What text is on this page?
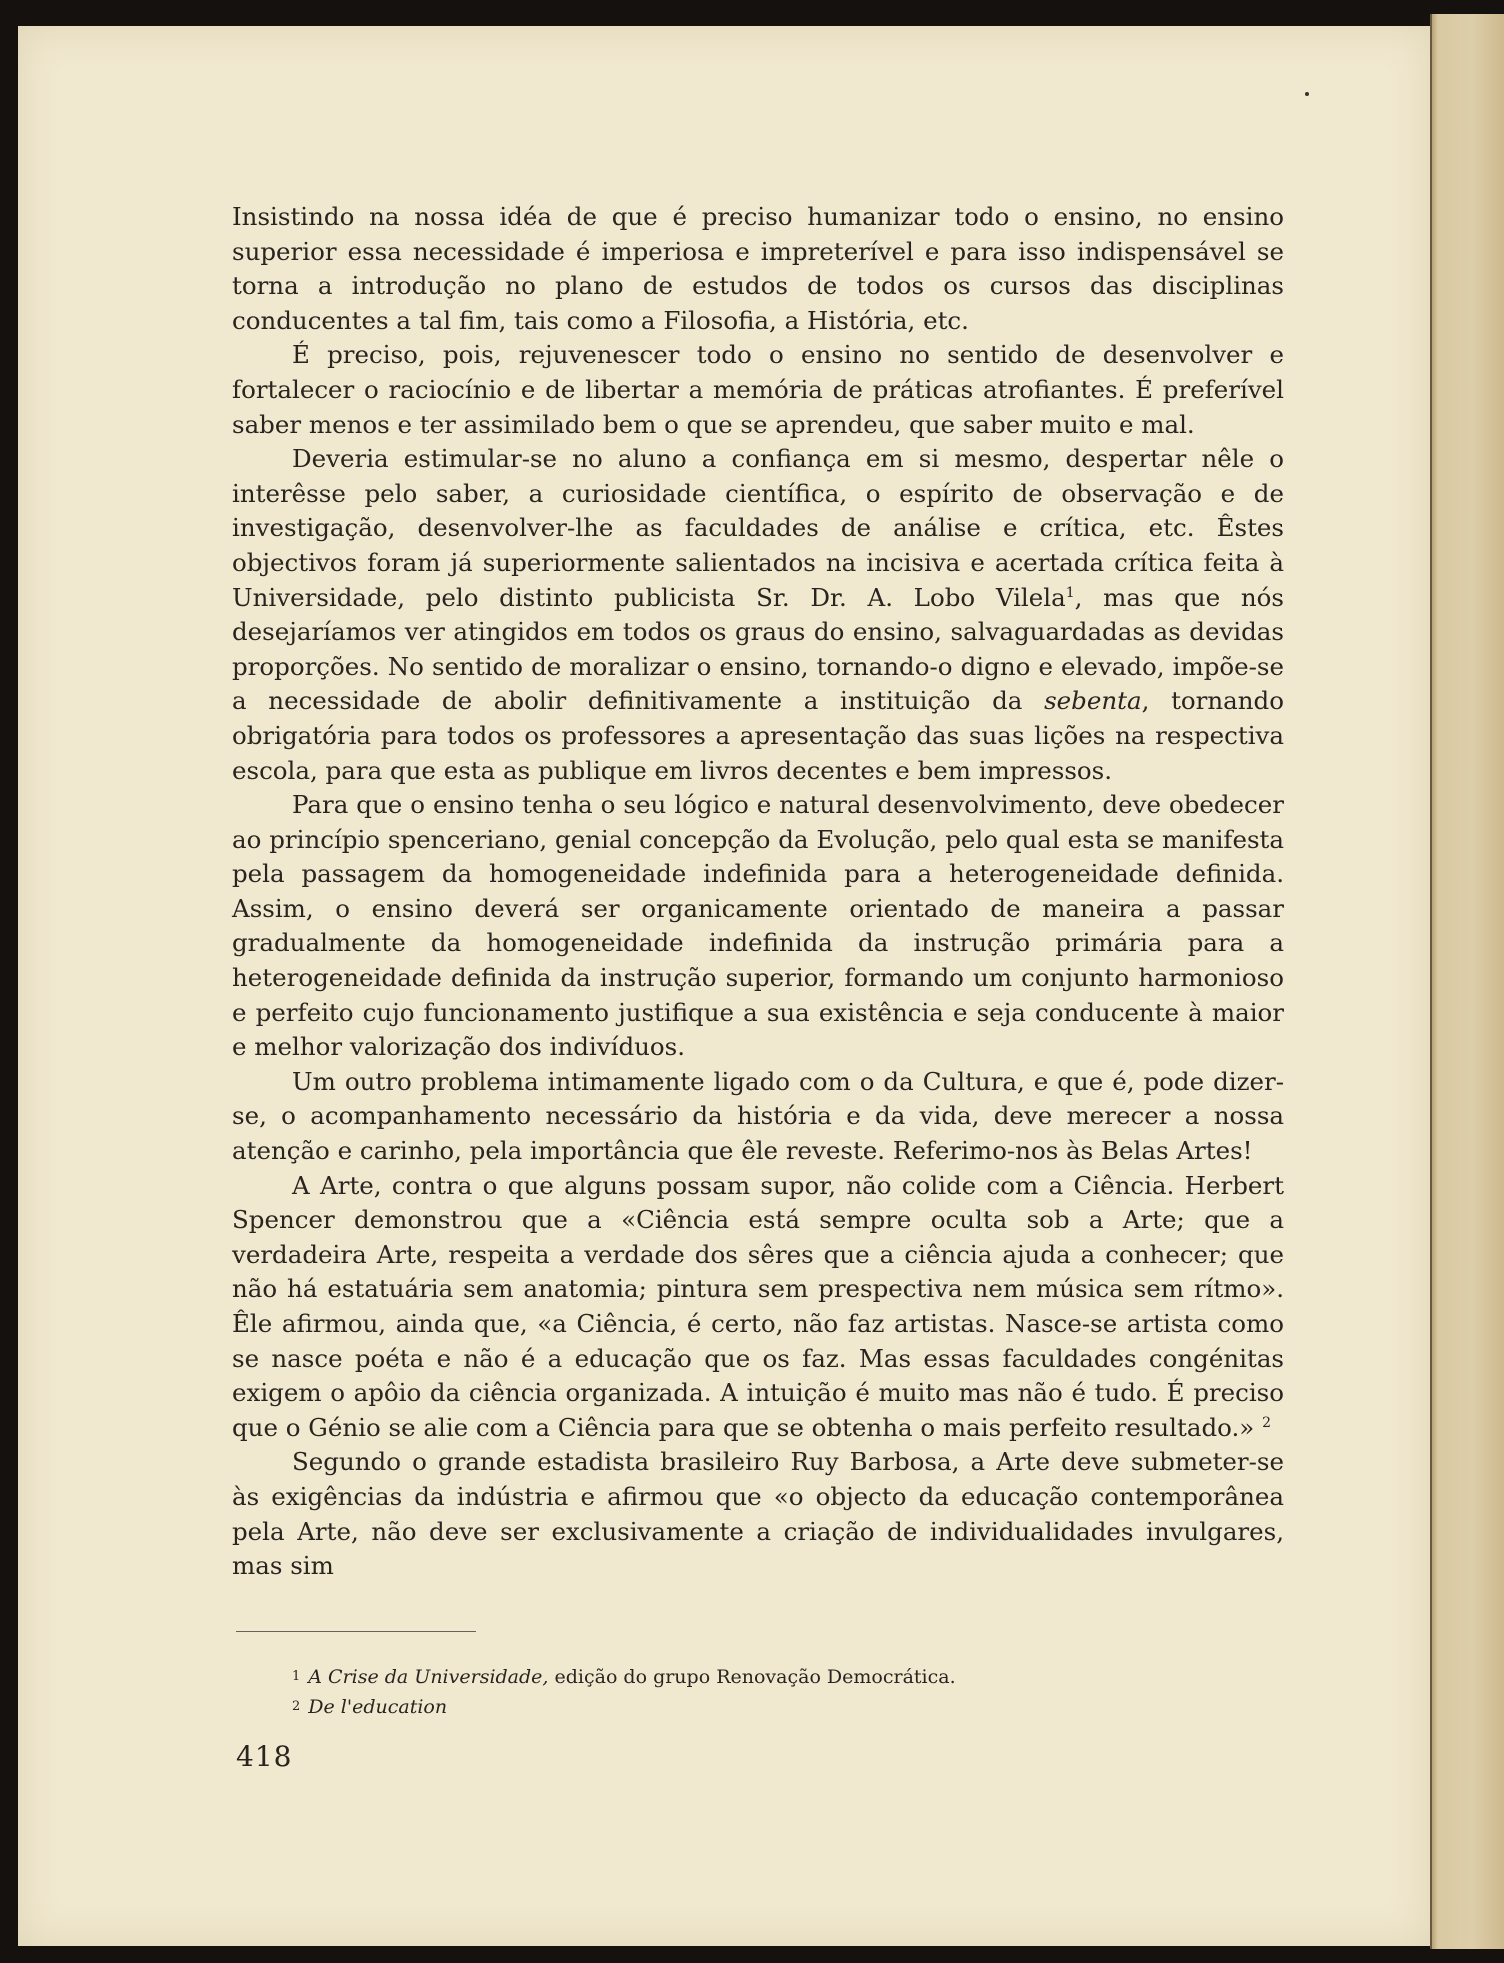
Insistindo na nossa idéa de que é preciso humanizar todo o ensino, no ensino superior essa necessidade é imperiosa e impreterível e para isso indispensável se torna a introdução no plano de estudos de todos os cursos das disciplinas conducentes a tal fim, tais como a Filosofia, a História, etc.

É preciso, pois, rejuvenescer todo o ensino no sentido de desenvolver e fortalecer o raciocínio e de libertar a memória de práticas atrofiantes. É preferível saber menos e ter assimilado bem o que se aprendeu, que saber muito e mal.

Deveria estimular-se no aluno a confiança em si mesmo, despertar nêle o interêsse pelo saber, a curiosidade científica, o espírito de observação e de investigação, desenvolver-lhe as faculdades de análise e crítica, etc. Êstes objectivos foram já superiormente salientados na incisiva e acertada crítica feita à Universidade, pelo distinto publicista Sr. Dr. A. Lobo Vilela$^1$, mas que nós desejaríamos ver atingidos em todos os graus do ensino, salvaguardadas as devidas proporções. No sentido de moralizar o ensino, tornando-o digno e elevado, impõe-se a necessidade de abolir definitivamente a instituição da sebenta, tornando obrigatória para todos os professores a apresentação das suas lições na respectiva escola, para que esta as publique em livros decentes e bem impressos.

Para que o ensino tenha o seu lógico e natural desenvolvimento, deve obedecer ao princípio spenceriano, genial concepção da Evolução, pelo qual esta se manifesta pela passagem da homogeneidade indefinida para a heterogeneidade definida. Assim, o ensino deverá ser organicamente orientado de maneira a passar gradualmente da homogeneidade indefinida da instrução primária para a heterogeneidade definida da instrução superior, formando um conjunto harmonioso e perfeito cujo funcionamento justifique a sua existência e seja conducente à maior e melhor valorização dos indivíduos.

Um outro problema intimamente ligado com o da Cultura, e que é, pode dizer-se, o acompanhamento necessário da história e da vida, deve merecer a nossa atenção e carinho, pela importância que êle reveste. Referimo-nos às Belas Artes!

A Arte, contra o que alguns possam supor, não colide com a Ciência. Herbert Spencer demonstrou que a «Ciência está sempre oculta sob a Arte; que a verdadeira Arte, respeita a verdade dos sêres que a ciência ajuda a conhecer; que não há estatuária sem anatomia; pintura sem prespectiva nem música sem rítmo». Êle afirmou, ainda que, «a Ciência, é certo, não faz artistas. Nasce-se artista como se nasce poéta e não é a educação que os faz. Mas essas faculdades congénitas exigem o apôio da ciência organizada. A intuição é muito mas não é tudo. É preciso que o Génio se alie com a Ciência para que se obtenha o mais perfeito resultado.» $^2$

Segundo o grande estadista brasileiro Ruy Barbosa, a Arte deve submeter-se às exigências da indústria e afirmou que «o objecto da educação contemporânea pela Arte, não deve ser exclusivamente a criação de individualidades invulgares, mas sim

$^1$ A Crise da Universidade, edição do grupo Renovação Democrática.

$^2$ De l'education

418
